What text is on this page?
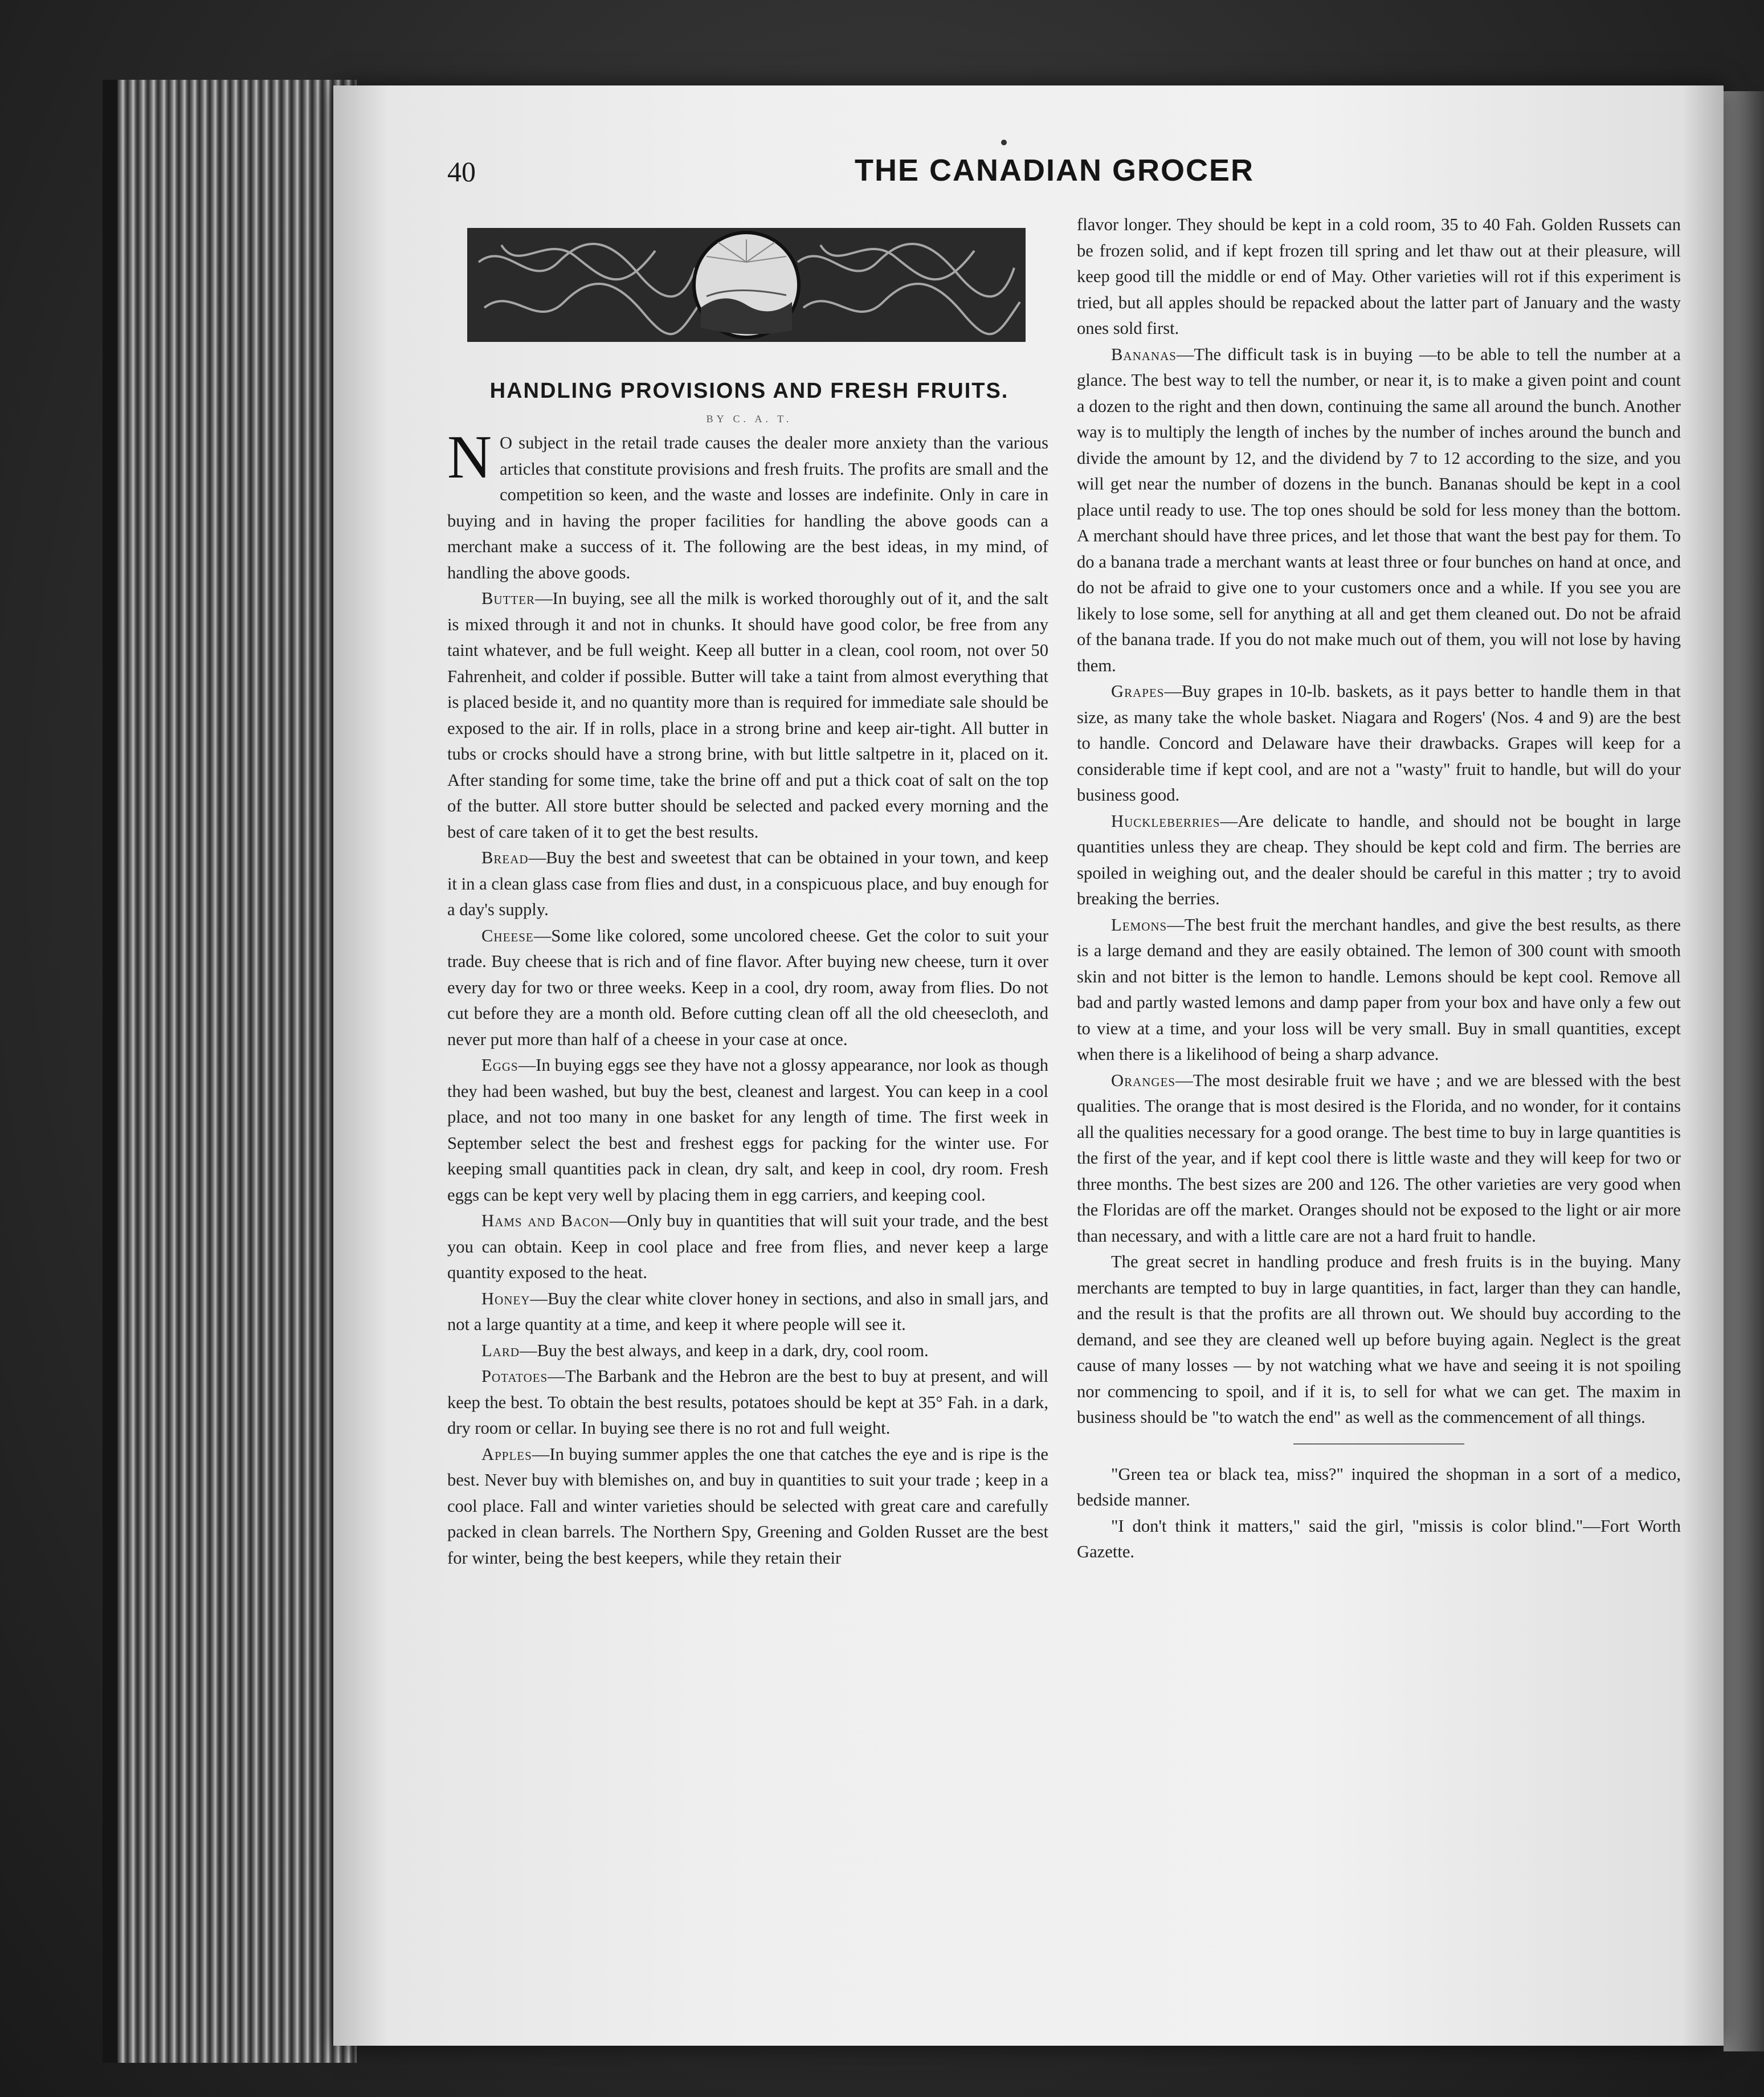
40	THE CANADIAN GROCER
HANDLING PROVISIONS AND FRESH FRUITS.
BY C. A. T.

N O subject in the retail trade causes the dealer more anxiety than the various articles that constitute provisions and fresh fruits. The profits are small and the competition so keen, and the waste and losses are indefinite. Only in care in buying and in having the proper facilities for handling the above goods can a merchant make a success of it. The following are the best ideas, in my mind, of handling the above goods.

Butter—In buying, see all the milk is worked thoroughly out of it, and the salt is mixed through it and not in chunks. It should have good color, be free from any taint whatever, and be full weight. Keep all butter in a clean, cool room, not over 50 Fahrenheit, and colder if possible. Butter will take a taint from almost everything that is placed beside it, and no quantity more than is required for immediate sale should be exposed to the air. If in rolls, place in a strong brine and keep air-tight. All butter in tubs or crocks should have a strong brine, with but little saltpetre in it, placed on it. After standing for some time, take the brine off and put a thick coat of salt on the top of the butter. All store butter should be selected and packed every morning and the best of care taken of it to get the best results.

Bread—Buy the best and sweetest that can be obtained in your town, and keep it in a clean glass case from flies and dust, in a conspicuous place, and buy enough for a day's supply.

Cheese—Some like colored, some uncolored cheese. Get the color to suit your trade. Buy cheese that is rich and of fine flavor. After buying new cheese, turn it over every day for two or three weeks. Keep in a cool, dry room, away from flies. Do not cut before they are a month old. Before cutting clean off all the old cheesecloth, and never put more than half of a cheese in your case at once.

Eggs—In buying eggs see they have not a glossy appearance, nor look as though they had been washed, but buy the best, cleanest and largest. You can keep in a cool place, and not too many in one basket for any length of time. The first week in September select the best and freshest eggs for packing for the winter use. For keeping small quantities pack in clean, dry salt, and keep in cool, dry room. Fresh eggs can be kept very well by placing them in egg carriers, and keeping cool.

Hams and Bacon—Only buy in quantities that will suit your trade, and the best you can obtain. Keep in cool place and free from flies, and never keep a large quantity exposed to the heat.

Honey—Buy the clear white clover honey in sections, and also in small jars, and not a large quantity at a time, and keep it where people will see it.

Lard—Buy the best always, and keep in a dark, dry, cool room.

Potatoes—The Barbank and the Hebron are the best to buy at present, and will keep the best. To obtain the best results, potatoes should be kept at 35° Fah. in a dark, dry room or cellar. In buying see there is no rot and full weight.

Apples—In buying summer apples the one that catches the eye and is ripe is the best. Never buy with blemishes on, and buy in quantities to suit your trade ; keep in a cool place. Fall and winter varieties should be selected with great care and carefully packed in clean barrels. The Northern Spy, Greening and Golden Russet are the best for winter, being the best keepers, while they retain their

flavor longer. They should be kept in a cold room, 35 to 40 Fah. Golden Russets can be frozen solid, and if kept frozen till spring and let thaw out at their pleasure, will keep good till the middle or end of May. Other varieties will rot if this experiment is tried, but all apples should be repacked about the latter part of January and the wasty ones sold first.

Bananas—The difficult task is in buying —to be able to tell the number at a glance. The best way to tell the number, or near it, is to make a given point and count a dozen to the right and then down, continuing the same all around the bunch. Another way is to multiply the length of inches by the number of inches around the bunch and divide the amount by 12, and the dividend by 7 to 12 according to the size, and you will get near the number of dozens in the bunch. Bananas should be kept in a cool place until ready to use. The top ones should be sold for less money than the bottom. A merchant should have three prices, and let those that want the best pay for them. To do a banana trade a merchant wants at least three or four bunches on hand at once, and do not be afraid to give one to your customers once and a while. If you see you are likely to lose some, sell for anything at all and get them cleaned out. Do not be afraid of the banana trade. If you do not make much out of them, you will not lose by having them.

Grapes—Buy grapes in 10-lb. baskets, as it pays better to handle them in that size, as many take the whole basket. Niagara and Rogers' (Nos. 4 and 9) are the best to handle. Concord and Delaware have their drawbacks. Grapes will keep for a considerable time if kept cool, and are not a "wasty" fruit to handle, but will do your business good.

Huckleberries—Are delicate to handle, and should not be bought in large quantities unless they are cheap. They should be kept cold and firm. The berries are spoiled in weighing out, and the dealer should be careful in this matter ; try to avoid breaking the berries.

Lemons—The best fruit the merchant handles, and give the best results, as there is a large demand and they are easily obtained. The lemon of 300 count with smooth skin and not bitter is the lemon to handle. Lemons should be kept cool. Remove all bad and partly wasted lemons and damp paper from your box and have only a few out to view at a time, and your loss will be very small. Buy in small quantities, except when there is a likelihood of being a sharp advance.

Oranges—The most desirable fruit we have ; and we are blessed with the best qualities. The orange that is most desired is the Florida, and no wonder, for it contains all the qualities necessary for a good orange. The best time to buy in large quantities is the first of the year, and if kept cool there is little waste and they will keep for two or three months. The best sizes are 200 and 126. The other varieties are very good when the Floridas are off the market. Oranges should not be exposed to the light or air more than necessary, and with a little care are not a hard fruit to handle.

The great secret in handling produce and fresh fruits is in the buying. Many merchants are tempted to buy in large quantities, in fact, larger than they can handle, and the result is that the profits are all thrown out. We should buy according to the demand, and see they are cleaned well up before buying again. Neglect is the great cause of many losses — by not watching what we have and seeing it is not spoiling nor commencing to spoil, and if it is, to sell for what we can get. The maxim in business should be "to watch the end" as well as the commencement of all things.

"Green tea or black tea, miss?" inquired the shopman in a sort of a medico, bedside manner.

"I don't think it matters," said the girl, "missis is color blind."—Fort Worth Gazette.
